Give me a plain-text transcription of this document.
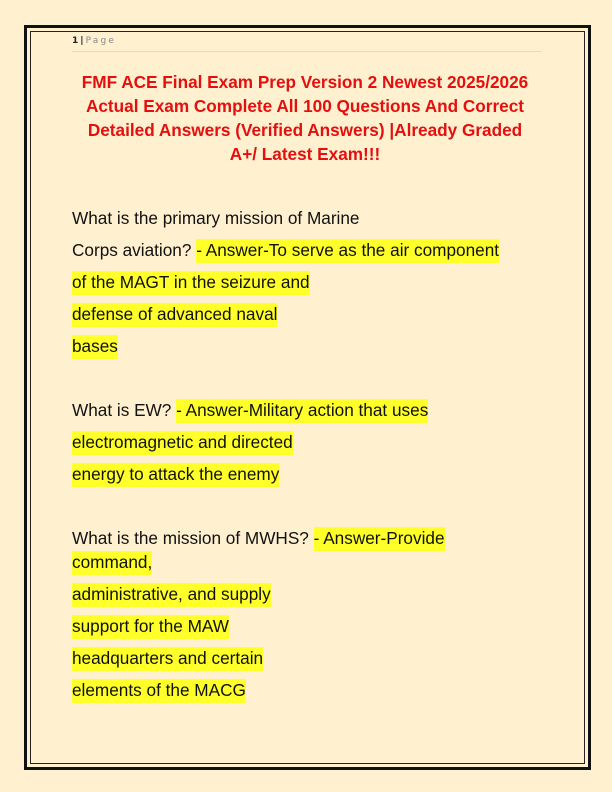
1 | Page
FMF ACE Final Exam Prep Version 2 Newest 2025/2026
Actual Exam Complete All 100 Questions And Correct
Detailed Answers (Verified Answers) |Already Graded
A+/ Latest Exam!!!
What is the primary mission of Marine
Corps aviation? - Answer-To serve as the air component
of the MAGT in the seizure and
defense of advanced naval
bases
What is EW? - Answer-Military action that uses
electromagnetic and directed
energy to attack the enemy
What is the mission of MWHS? - Answer-Provide
command,
administrative, and supply
support for the MAW
headquarters and certain
elements of the MACG
